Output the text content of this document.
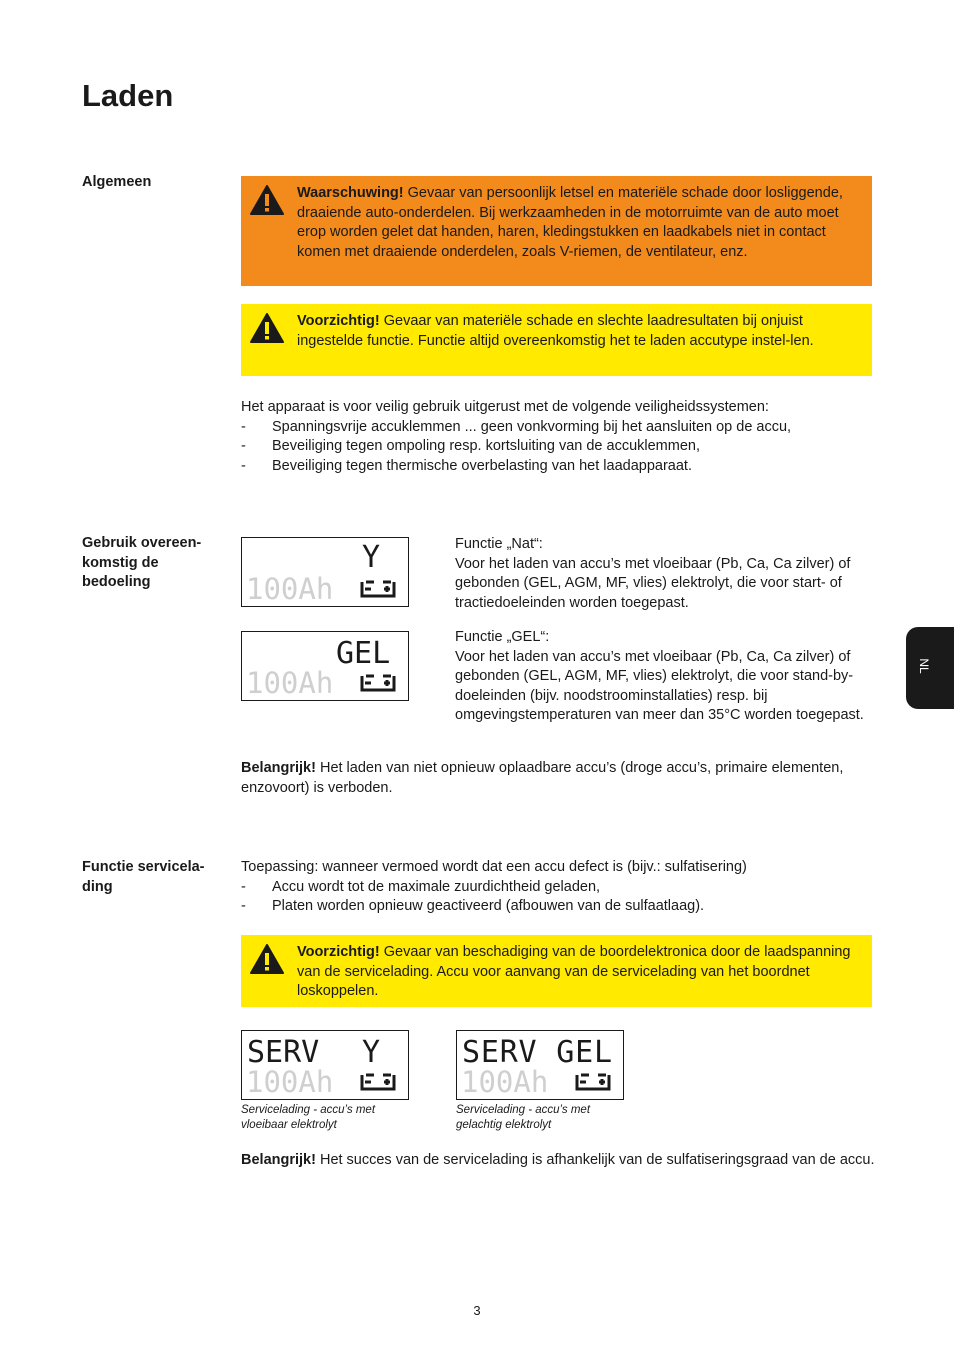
Laden
Algemeen
Waarschuwing! Gevaar van persoonlijk letsel en materiële schade door losliggende, draaiende auto-onderdelen. Bij werkzaamheden in de motorruimte van de auto moet erop worden gelet dat handen, haren, kledingstukken en laadkabels niet in contact komen met draaiende onderdelen, zoals V-riemen, de ventilateur, enz.
Voorzichtig! Gevaar van materiële schade en slechte laadresultaten bij onjuist ingestelde functie. Functie altijd overeenkomstig het te laden accutype instel-len.

Het apparaat is voor veilig gebruik uitgerust met de volgende veiligheidssystemen:

- Spanningsvrije accuklemmen ... geen vonkvorming bij het aansluiten op de accu,
- Beveiliging tegen ompoling resp. kortsluiting van de accuklemmen,
- Beveiliging tegen thermische overbelasting van het laadapparaat.
Gebruik overeen-
komstig de
bedoeling
Y
100Ah

Functie „Nat“:

Voor het laden van accu’s met vloeibaar (Pb, Ca, Ca zilver) of gebonden (GEL, AGM, MF, vlies) elektrolyt, die voor start- of tractiedoeleinden worden toegepast.

GEL
100Ah

Functie „GEL“:

Voor het laden van accu’s met vloeibaar (Pb, Ca, Ca zilver) of gebonden (GEL, AGM, MF, vlies) elektrolyt, die voor stand-by-doeleinden (bijv. noodstroominstallaties) resp. bij omgevingstemperaturen van meer dan 35°C worden toegepast.

Belangrijk! Het laden van niet opnieuw oplaadbare accu’s (droge accu’s, primaire elementen, enzovoort) is verboden.

Functie servicela-
ding

Toepassing: wanneer vermoed wordt dat een accu defect is (bijv.: sulfatisering)

- Accu wordt tot de maximale zuurdichtheid geladen,
- Platen worden opnieuw geactiveerd (afbouwen van de sulfaatlaag).
Voorzichtig! Gevaar van beschadiging van de boordelektronica door de laadspanning van de servicelading. Accu voor aanvang van de servicelading van het boordnet loskoppelen.
SERV Y
100Ah
SERV GEL
100Ah
Servicelading - accu’s met
vloeibaar elektrolyt
Servicelading - accu’s met
gelachtig elektrolyt

Belangrijk! Het succes van de servicelading is afhankelijk van de sulfatiseringsgraad van de accu.

NL
3
